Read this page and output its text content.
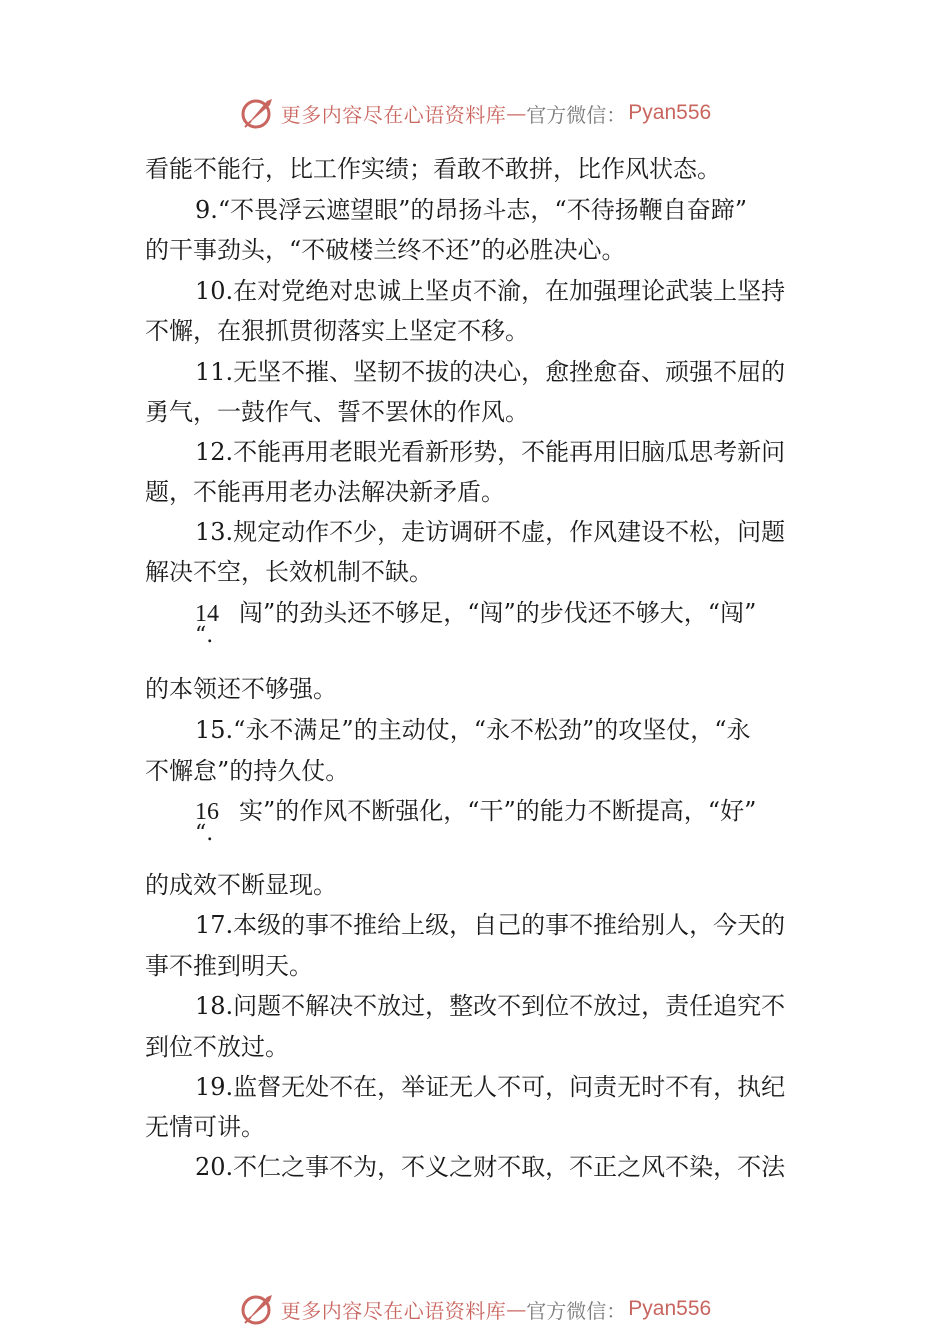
更多内容尽在心语资料库 — 官方微信： Pyan556
看能不能行，比工作实绩；看敢不敢拼，比作风状态。
9.“不畏浮云遮望眼”的昂扬斗志，“不待扬鞭自奋蹄”
的干事劲头，“不破楼兰终不还”的必胜决心。
10.在对党绝对忠诚上坚贞不渝，在加强理论武装上坚持
不懈，在狠抓贯彻落实上坚定不移。
11.无坚不摧、坚韧不拔的决心，愈挫愈奋、顽强不屈的
勇气，一鼓作气、誓不罢休的作风。
12.不能再用老眼光看新形势，不能再用旧脑瓜思考新问
题，不能再用老办法解决新矛盾。
13.规定动作不少，走访调研不虚，作风建设不松，问题
解决不空，长效机制不缺。
14 闯”的劲头还不够足，“闯”的步伐还不够大，“闯”
“.
的本领还不够强。
15.“永不满足”的主动仗，“永不松劲”的攻坚仗，“永
不懈怠”的持久仗。
16 实”的作风不断强化，“干”的能力不断提高，“好”
“.
的成效不断显现。
17.本级的事不推给上级，自己的事不推给别人，今天的
事不推到明天。
18.问题不解决不放过，整改不到位不放过，责任追究不
到位不放过。
19.监督无处不在，举证无人不可，问责无时不有，执纪
无情可讲。
20.不仁之事不为，不义之财不取，不正之风不染，不法
更多内容尽在心语资料库 — 官方微信： Pyan556
